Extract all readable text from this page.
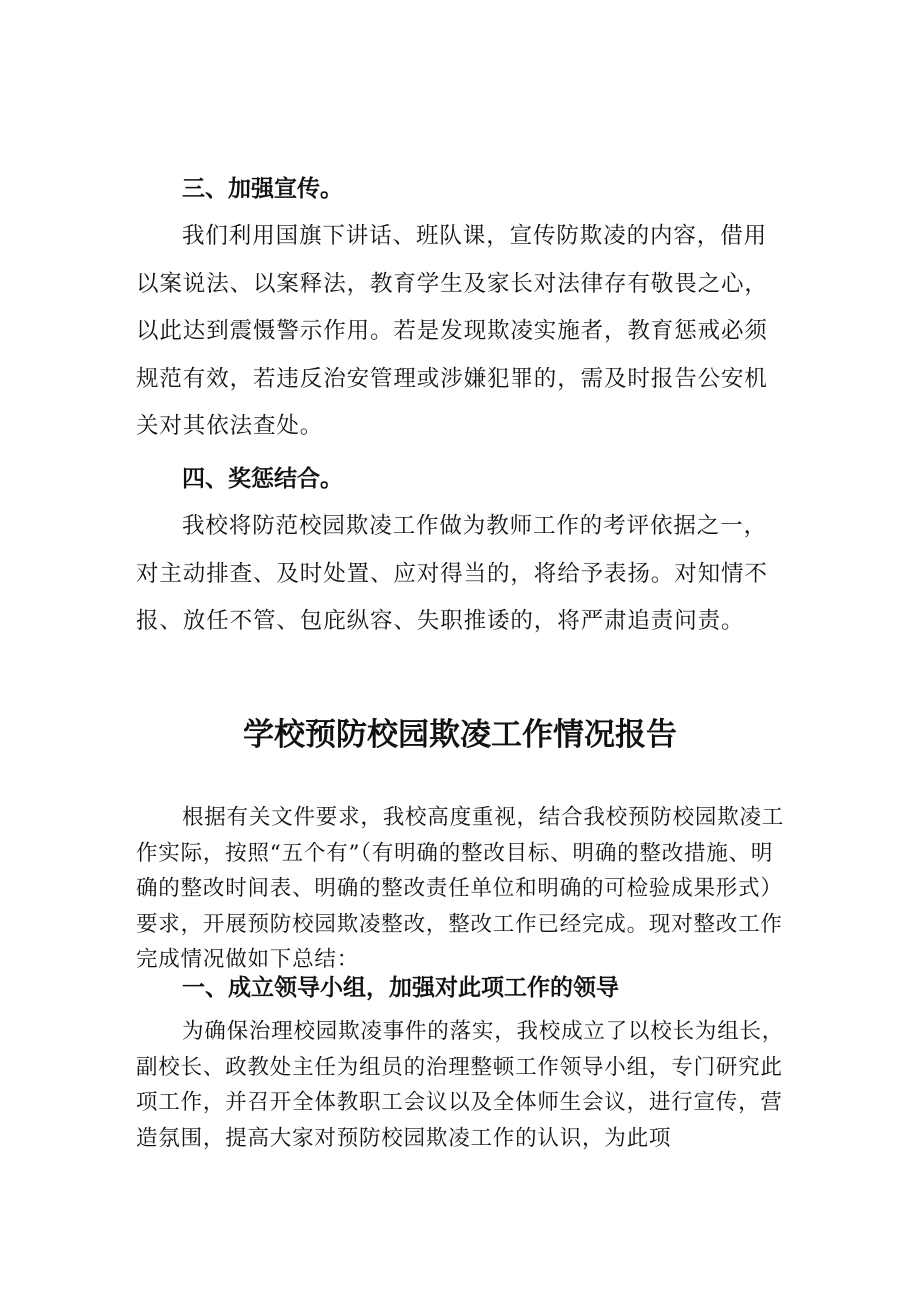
三、加强宣传。

我们利用国旗下讲话、班队课，宣传防欺凌的内容，借用以案说法、以案释法，教育学生及家长对法律存有敬畏之心，以此达到震慑警示作用。若是发现欺凌实施者，教育惩戒必须规范有效，若违反治安管理或涉嫌犯罪的，需及时报告公安机关对其依法查处。

四、奖惩结合。

我校将防范校园欺凌工作做为教师工作的考评依据之一，对主动排查、及时处置、应对得当的，将给予表扬。对知情不报、放任不管、包庇纵容、失职推诿的，将严肃追责问责。

学校预防校园欺凌工作情况报告

根据有关文件要求，我校高度重视，结合我校预防校园欺凌工作实际，按照“五个有”（有明确的整改目标、明确的整改措施、明确的整改时间表、明确的整改责任单位和明确的可检验成果形式）要求，开展预防校园欺凌整改，整改工作已经完成。现对整改工作完成情况做如下总结：

一、成立领导小组，加强对此项工作的领导

为确保治理校园欺凌事件的落实，我校成立了以校长为组长，副校长、政教处主任为组员的治理整顿工作领导小组，专门研究此项工作，并召开全体教职工会议以及全体师生会议，进行宣传，营造氛围，提高大家对预防校园欺凌工作的认识，为此项
